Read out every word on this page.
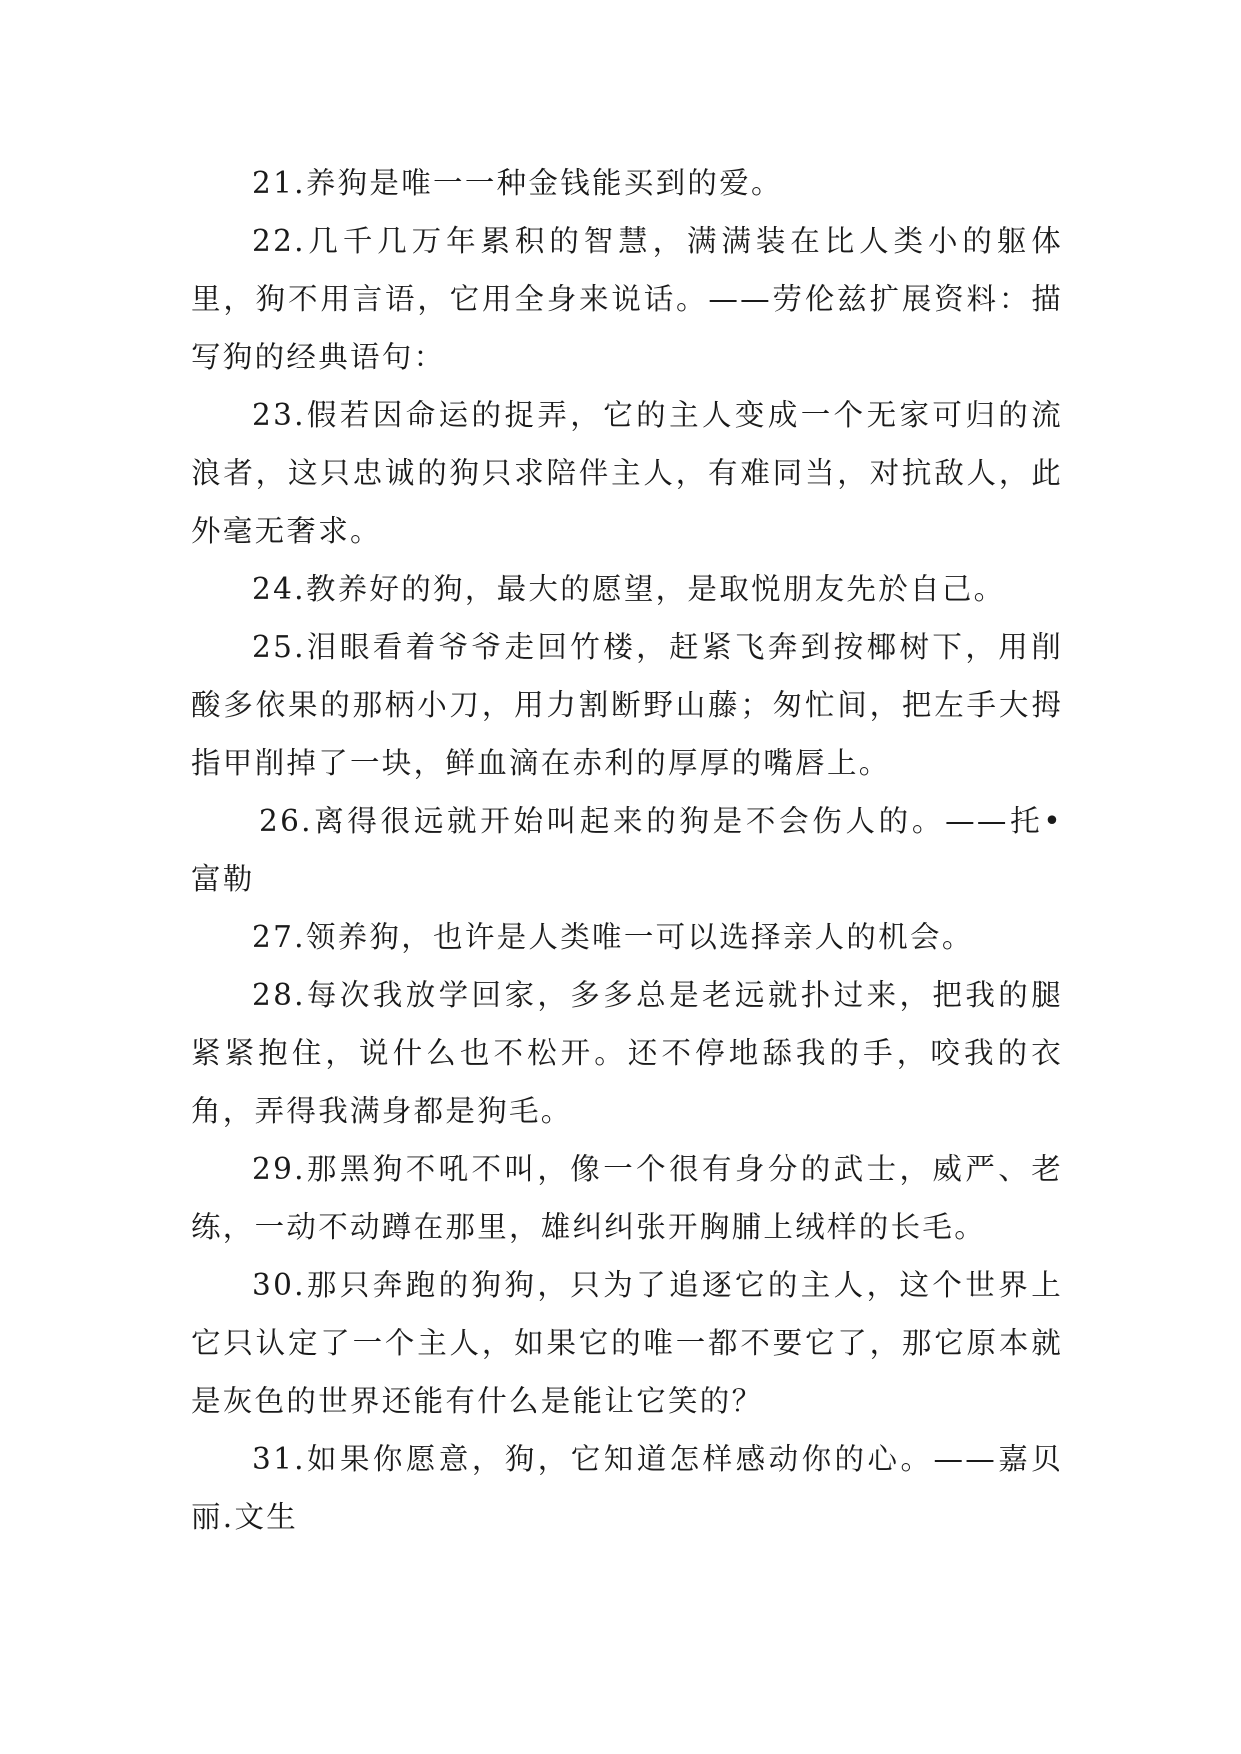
21.养狗是唯一一种金钱能买到的爱。

22.几千几万年累积的智慧，满满装在比人类小的躯体里，狗不用言语，它用全身来说话。——劳伦兹扩展资料：描写狗的经典语句：

23.假若因命运的捉弄，它的主人变成一个无家可归的流浪者，这只忠诚的狗只求陪伴主人，有难同当，对抗敌人，此外毫无奢求。

24.教养好的狗，最大的愿望，是取悦朋友先於自己。

25.泪眼看着爷爷走回竹楼，赶紧飞奔到按椰树下，用削酸多依果的那柄小刀，用力割断野山藤；匆忙间，把左手大拇指甲削掉了一块，鲜血滴在赤利的厚厚的嘴唇上。

26.离得很远就开始叫起来的狗是不会伤人的。——托•富勒

27.领养狗，也许是人类唯一可以选择亲人的机会。

28.每次我放学回家，多多总是老远就扑过来，把我的腿紧紧抱住，说什么也不松开。还不停地舔我的手，咬我的衣角，弄得我满身都是狗毛。

29.那黑狗不吼不叫，像一个很有身分的武士，威严、老练，一动不动蹲在那里，雄纠纠张开胸脯上绒样的长毛。

30.那只奔跑的狗狗，只为了追逐它的主人，这个世界上它只认定了一个主人，如果它的唯一都不要它了，那它原本就是灰色的世界还能有什么是能让它笑的？

31.如果你愿意，狗，它知道怎样感动你的心。——嘉贝丽.文生
